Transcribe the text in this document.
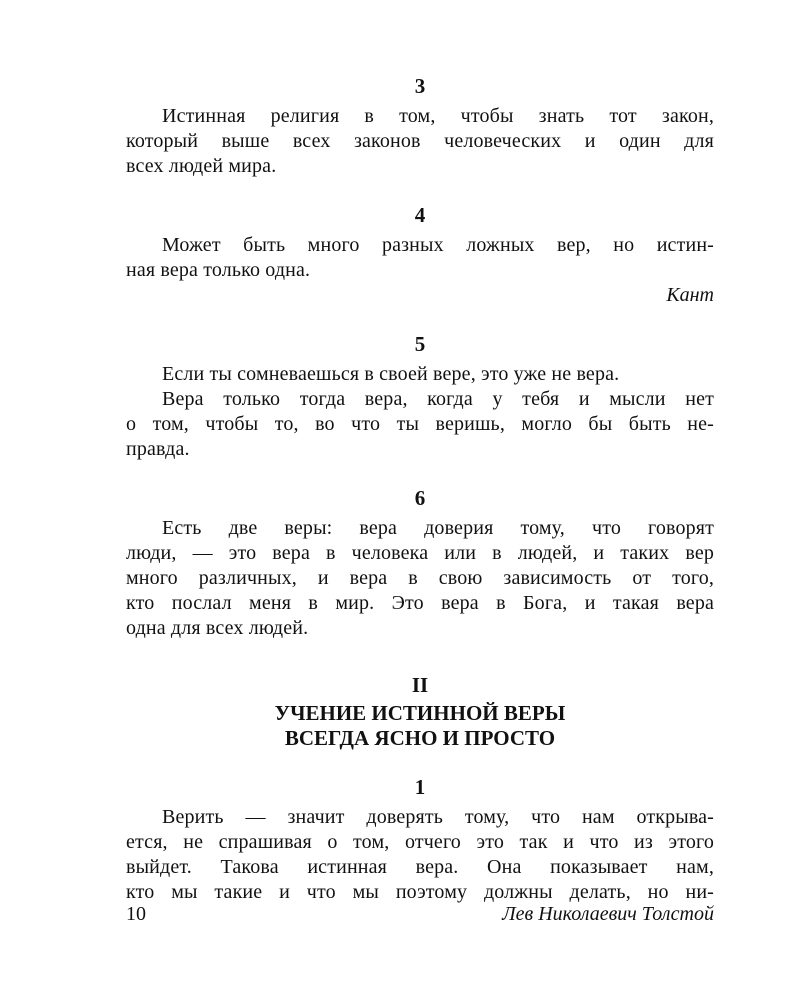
3
Истинная религия в том, чтобы знать тот закон,
который выше всех законов человеческих и один для
всех людей мира.
4
Может быть много разных ложных вер, но истин-
ная вера только одна.
Кант
5
Если ты сомневаешься в своей вере, это уже не вера.
Вера только тогда вера, когда у тебя и мысли нет
о том, чтобы то, во что ты веришь, могло бы быть не-
правда.
6
Есть две веры: вера доверия тому, что говорят
люди, — это вера в человека или в людей, и таких вер
много различных, и вера в свою зависимость от того,
кто послал меня в мир. Это вера в Бога, и такая вера
одна для всех людей.
II
УЧЕНИЕ ИСТИННОЙ ВЕРЫ
ВСЕГДА ЯСНО И ПРОСТО
1
Верить — значит доверять тому, что нам открыва-
ется, не спрашивая о том, отчего это так и что из этого
выйдет. Такова истинная вера. Она показывает нам,
кто мы такие и что мы поэтому должны делать, но ни-
10	Лев Николаевич Толстой
